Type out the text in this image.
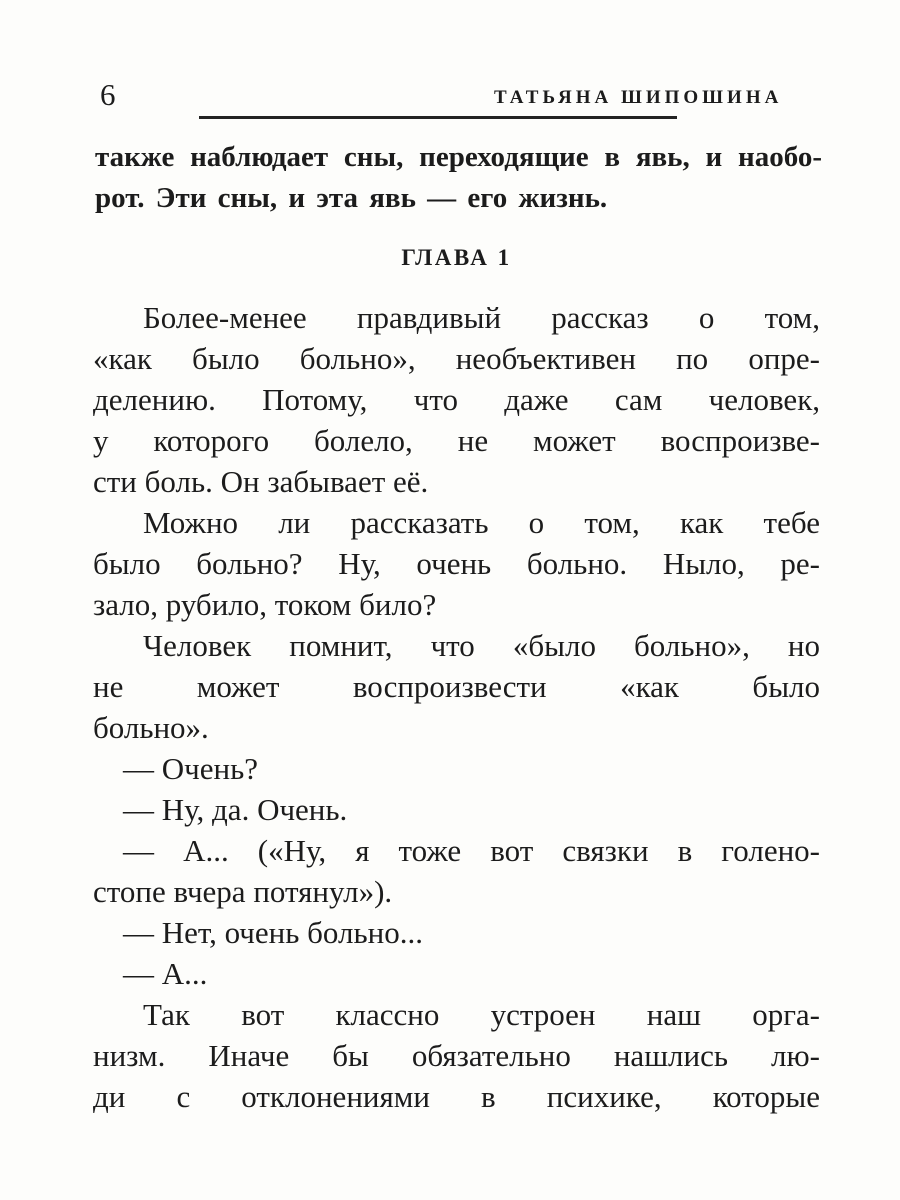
6	ТАТЬЯНА ШИПОШИНА
также наблюдает сны, переходящие в явь, и наобо-
рот. Эти сны, и эта явь — его жизнь.
ГЛАВА 1
Более-менее правдивый рассказ о том,
«как было больно», необъективен по опре-
делению. Потому, что даже сам человек,
у которого болело, не может воспроизве-
сти боль. Он забывает её.
Можно ли рассказать о том, как тебе
было больно? Ну, очень больно. Ныло, ре-
зало, рубило, током било?
Человек помнит, что «было больно», но
не может воспроизвести «как было
больно».
— Очень?
— Ну, да. Очень.
— А... («Ну, я тоже вот связки в голено-
стопе вчера потянул»).
— Нет, очень больно...
— А...
Так вот классно устроен наш орга-
низм. Иначе бы обязательно нашлись лю-
ди с отклонениями в психике, которые
